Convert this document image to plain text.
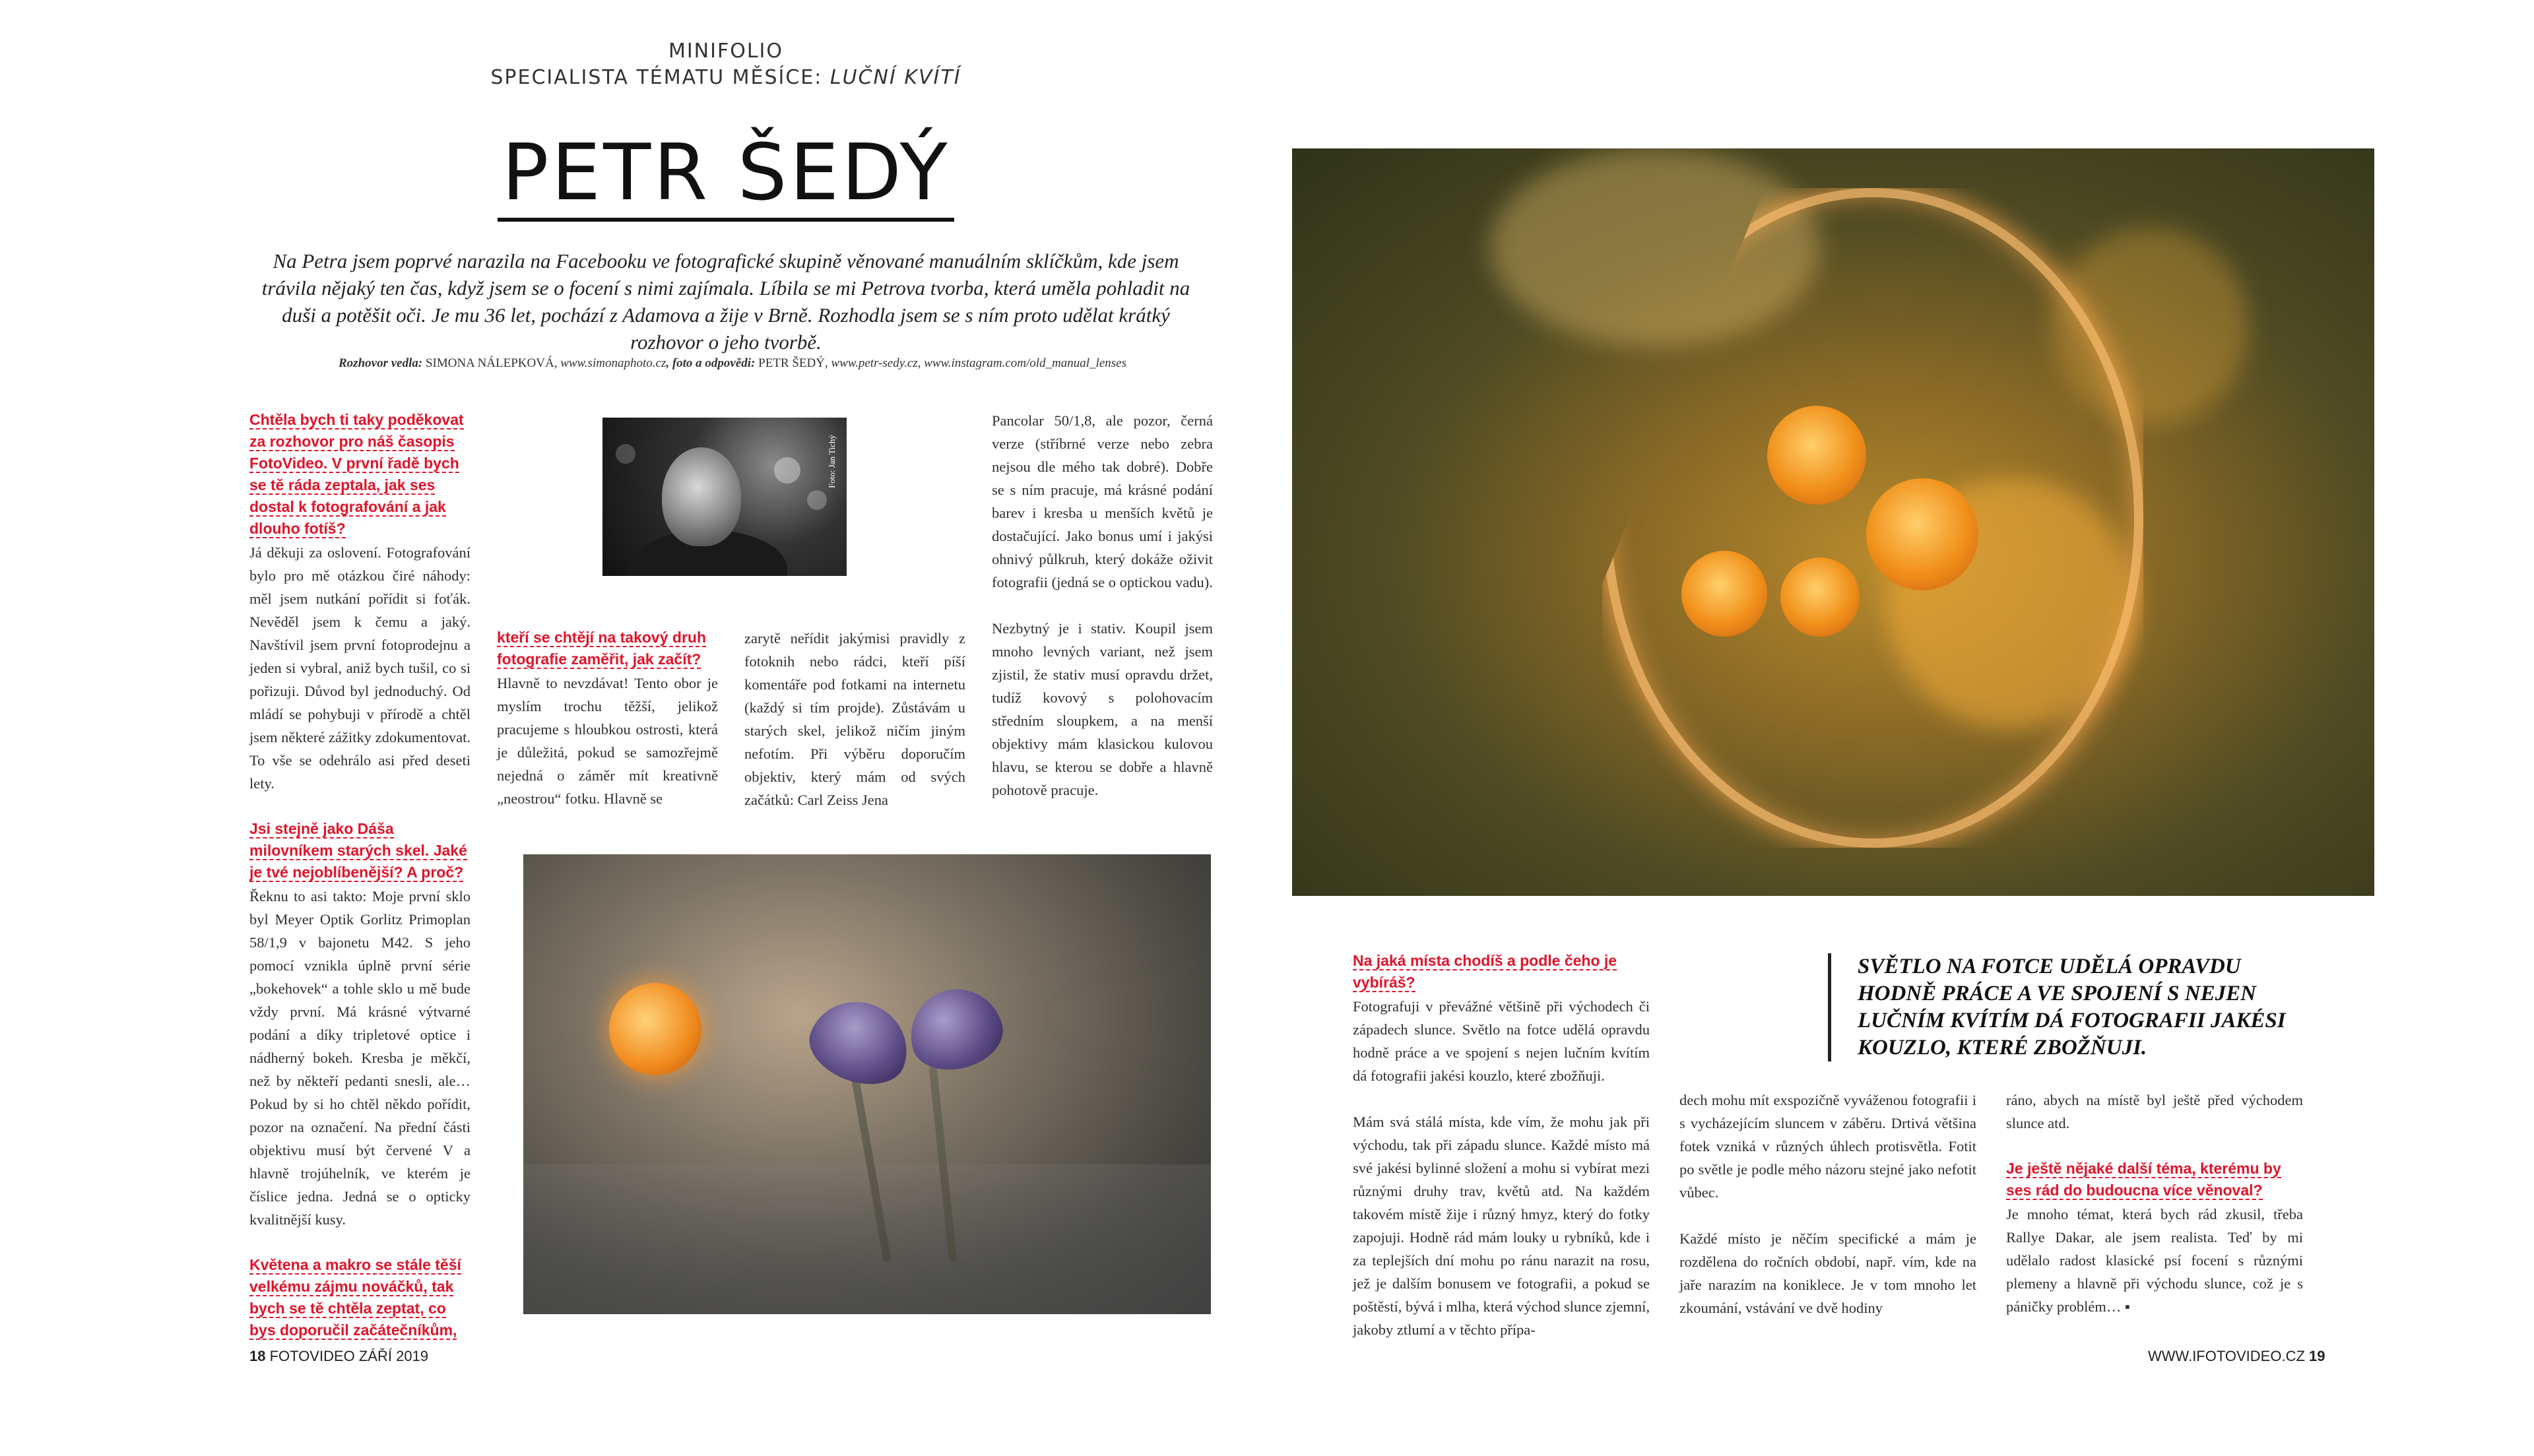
MINIFOLIO
SPECIALISTA TÉMATU MĚSÍCE: LUČNÍ KVÍTÍ
PETR ŠEDÝ
Na Petra jsem poprvé narazila na Facebooku ve fotografické skupině věnované manuálním sklíčkům, kde jsem trávila nějaký ten čas, když jsem se o focení s nimi zajímala. Líbila se mi Petrova tvorba, která uměla pohladit na duši a potěšit oči. Je mu 36 let, pochází z Adamova a žije v Brně. Rozhodla jsem se s ním proto udělat krátký rozhovor o jeho tvorbě.
Rozhovor vedla: SIMONA NÁLEPKOVÁ, www.simonaphoto.cz, foto a odpovědi: PETR ŠEDÝ, www.petr-sedy.cz, www.instagram.com/old_manual_lenses
Chtěla bych ti taky poděkovat za rozhovor pro náš časopis FotoVideo. V první řadě bych se tě ráda zeptala, jak ses dostal k fotografování a jak dlouho fotíš?

Já děkuji za oslovení. Fotografování bylo pro mě otázkou čiré náhody: měl jsem nutkání pořídit si foťák. Nevěděl jsem k čemu a jaký. Navštívil jsem první fotoprodejnu a jeden si vybral, aniž bych tušil, co si pořizuji. Důvod byl jednoduchý. Od mládí se pohybuji v přírodě a chtěl jsem některé zážitky zdokumentovat. To vše se odehrálo asi před deseti lety.

Jsi stejně jako Dáša milovníkem starých skel. Jaké je tvé nejoblíbenější? A proč?

Řeknu to asi takto: Moje první sklo byl Meyer Optik Gorlitz Primoplan 58/1,9 v bajonetu M42. S jeho pomocí vznikla úplně první série „bokehovek“ a tohle sklo u mě bude vždy první. Má krásné výtvarné podání a díky tripletové optice i nádherný bokeh. Kresba je měkčí, než by někteří pedanti snesli, ale… Pokud by si ho chtěl někdo pořídit, pozor na označení. Na přední části objektivu musí být červené V a hlavně trojúhelník, ve kterém je číslice jedna. Jedná se o opticky kvalitnější kusy.

Květena a makro se stále těší velkému zájmu nováčků, tak bych se tě chtěla zeptat, co bys doporučil začátečníkům,
Foto: Jan Tichý
kteří se chtějí na takový druh fotografie zaměřit, jak začít?

Hlavně to nevzdávat! Tento obor je myslím trochu těžší, jelikož pracujeme s hloubkou ostrosti, která je důležitá, pokud se samozřejmě nejedná o záměr mít kreativně „neostrou“ fotku. Hlavně se

zarytě neřídit jakýmisi pravidly z fotoknih nebo rádci, kteří píší komentáře pod fotkami na internetu (každý si tím projde). Zůstávám u starých skel, jelikož ničím jiným nefotím. Při výběru doporučím objektiv, který mám od svých začátků: Carl Zeiss Jena

Pancolar 50/1,8, ale pozor, černá verze (stříbrné verze nebo zebra nejsou dle mého tak dobré). Dobře se s ním pracuje, má krásné podání barev i kresba u menších květů je dostačující. Jako bonus umí i jakýsi ohnivý půlkruh, který dokáže oživit fotografii (jedná se o optickou vadu).

Nezbytný je i stativ. Koupil jsem mnoho levných variant, než jsem zjistil, že stativ musí opravdu držet, tudíž kovový s polohovacím středním sloupkem, a na menší objektivy mám klasickou kulovou hlavu, se kterou se dobře a hlavně pohotově pracuje.

Na jaká místa chodíš a podle čeho je vybíráš?

Fotografuji v převážné většině při východech či západech slunce. Světlo na fotce udělá opravdu hodně práce a ve spojení s nejen lučním kvítím dá fotografii jakési kouzlo, které zbožňuji.

Mám svá stálá místa, kde vím, že mohu jak při východu, tak při západu slunce. Každé místo má své jakési bylinné složení a mohu si vybírat mezi různými druhy trav, květů atd. Na každém takovém místě žije i různý hmyz, který do fotky zapojuji. Hodně rád mám louky u rybníků, kde i za teplejších dní mohu po ránu narazit na rosu, jež je dalším bonusem ve fotografii, a pokud se poštěstí, bývá i mlha, která východ slunce zjemní, jakoby ztlumí a v těchto přípa-

SVĚTLO NA FOTCE UDĚLÁ OPRAVDU HODNĚ PRÁCE A VE SPOJENÍ S NEJEN LUČNÍM KVÍTÍM DÁ FOTOGRAFII JAKÉSI KOUZLO, KTERÉ ZBOŽŇUJI.

dech mohu mít exspozičně vyváženou fotografii i s vycházejícím sluncem v záběru. Drtivá většina fotek vzniká v různých úhlech protisvětla. Fotit po světle je podle mého názoru stejné jako nefotit vůbec.

Každé místo je něčím specifické a mám je rozdělena do ročních období, např. vím, kde na jaře narazím na koniklece. Je v tom mnoho let zkoumání, vstávání ve dvě hodiny

ráno, abych na místě byl ještě před východem slunce atd.

Je ještě nějaké další téma, kterému by ses rád do budoucna více věnoval?

Je mnoho témat, která bych rád zkusil, třeba Rallye Dakar, ale jsem realista. Teď by mi udělalo radost klasické psí focení s různými plemeny a hlavně při východu slunce, což je s páničky problém… ▪

18 FOTOVIDEO ZÁŘÍ 2019	WWW.IFOTOVIDEO.CZ 19
